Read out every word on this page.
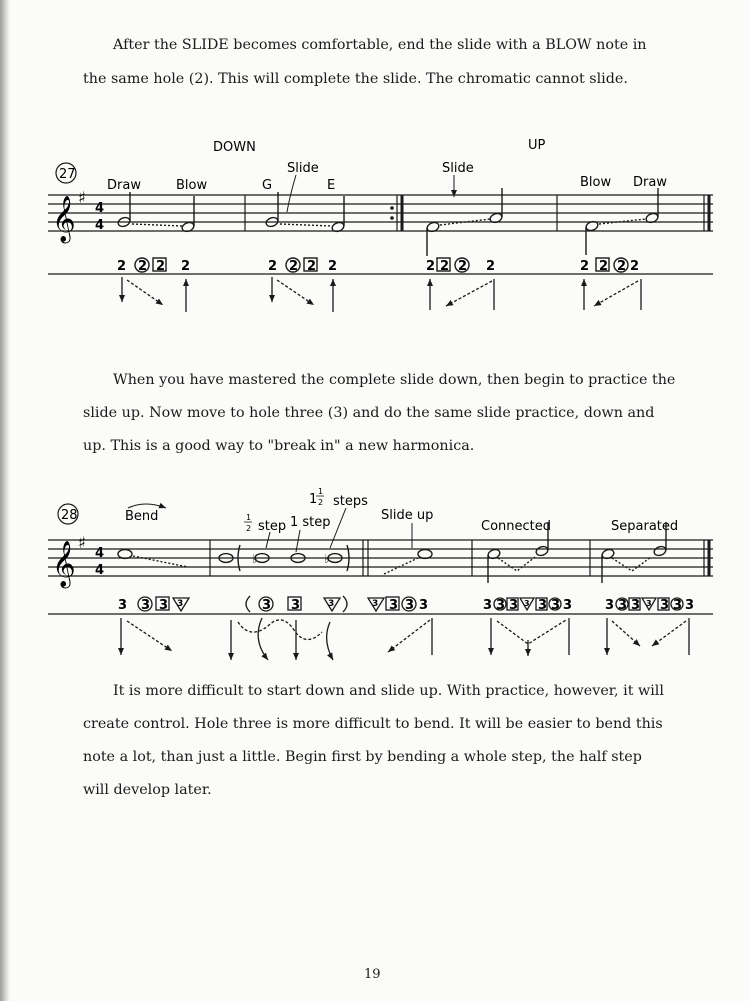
After the SLIDE becomes comfortable, end the slide with a BLOW note in
the same hole (2). This will complete the slide. The chromatic cannot slide.
𝄞 ♯
4
4
27
DOWN	UP
Draw	Blow	G	E
Slide	Slide
Blow Draw
2 2 2 2	2 2 2 2	2 2 2 2	2 2 2 2
When you have mastered the complete slide down, then begin to practice the
slide up. Now move to hole three (3) and do the same slide practice, down and
up. This is a good way to "break in" a new harmonica.
𝄞 ♯
4
4
28	Bend	1
2 step 1 step
1
1
2 steps
Slide up
Connected	Separated
♭	♭
3 3 3 3	3 3	3	3 3 3 3	3 3 3 3 3 3 3	3 3 3 3 3 3 3
It is more difficult to start down and slide up. With practice, however, it will
create control. Hole three is more difficult to bend. It will be easier to bend this
note a lot, than just a little. Begin first by bending a whole step, the half step
will develop later.
19
